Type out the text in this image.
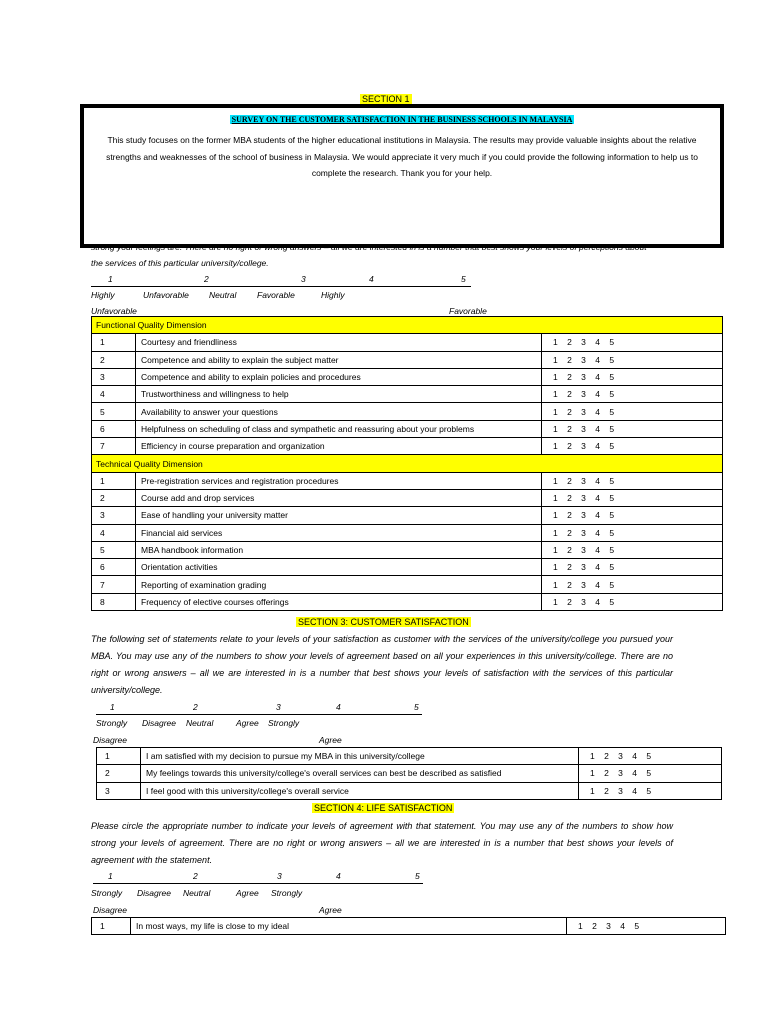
SECTION 1
SURVEY ON THE CUSTOMER SATISFACTION IN THE BUSINESS SCHOOLS IN MALAYSIA
This study focuses on the former MBA students of the higher educational institutions in Malaysia. The results may provide valuable insights about the relative strengths and weaknesses of the school of business in Malaysia. We would appreciate it very much if you could provide the following information to help us to complete the research. Thank you for your help.
strong your feelings are. There are no right or wrong answers – all we are interested in is a number that best shows your levels of perceptions about
the services of this particular university/college.
1	2	3	4	5
Highly	Unfavorable Neutral Favorable	Highly
Unfavorable	Favorable
Functional Quality Dimension		
1	Courtesy and friendliness	1 2 3 4 5
2	Competence and ability to explain the subject matter	1 2 3 4 5
3	Competence and ability to explain policies and procedures	1 2 3 4 5
4	Trustworthiness and willingness to help	1 2 3 4 5
5	Availability to answer your questions	1 2 3 4 5
6	Helpfulness on scheduling of class and sympathetic and reassuring about your problems	1 2 3 4 5
7	Efficiency in course preparation and organization	1 2 3 4 5
Technical Quality Dimension		
1	Pre-registration services and registration procedures	1 2 3 4 5
2	Course add and drop services	1 2 3 4 5
3	Ease of handling your university matter	1 2 3 4 5
4	Financial aid services	1 2 3 4 5
5	MBA handbook information	1 2 3 4 5
6	Orientation activities	1 2 3 4 5
7	Reporting of examination grading	1 2 3 4 5
8	Frequency of elective courses offerings	1 2 3 4 5
SECTION 3: CUSTOMER SATISFACTION
The following set of statements relate to your levels of your satisfaction as customer with the services of the university/college you pursued your MBA. You may use any of the numbers to show your levels of agreement based on all your experiences in this university/college. There are no right or wrong answers – all we are interested in is a number that best shows your levels of satisfaction with the services of this particular university/college.
1	2	3	4	5
Strongly Disagree Neutral	Agree Strongly
Disagree	Agree
1	I am satisfied with my decision to pursue my MBA in this university/college	1 2 3 4 5
2	My feelings towards this university/college's overall services can best be described as satisfied	1 2 3 4 5
3	I feel good with this university/college's overall service	1 2 3 4 5
SECTION 4: LIFE SATISFACTION
Please circle the appropriate number to indicate your levels of agreement with that statement. You may use any of the numbers to show how strong your levels of agreement. There are no right or wrong answers – all we are interested in is a number that best shows your levels of agreement with the statement.
1	2	3	4	5
Strongly Disagree Neutral	Agree Strongly
Disagree	Agree
1	In most ways, my life is close to my ideal	1 2 3 4 5
